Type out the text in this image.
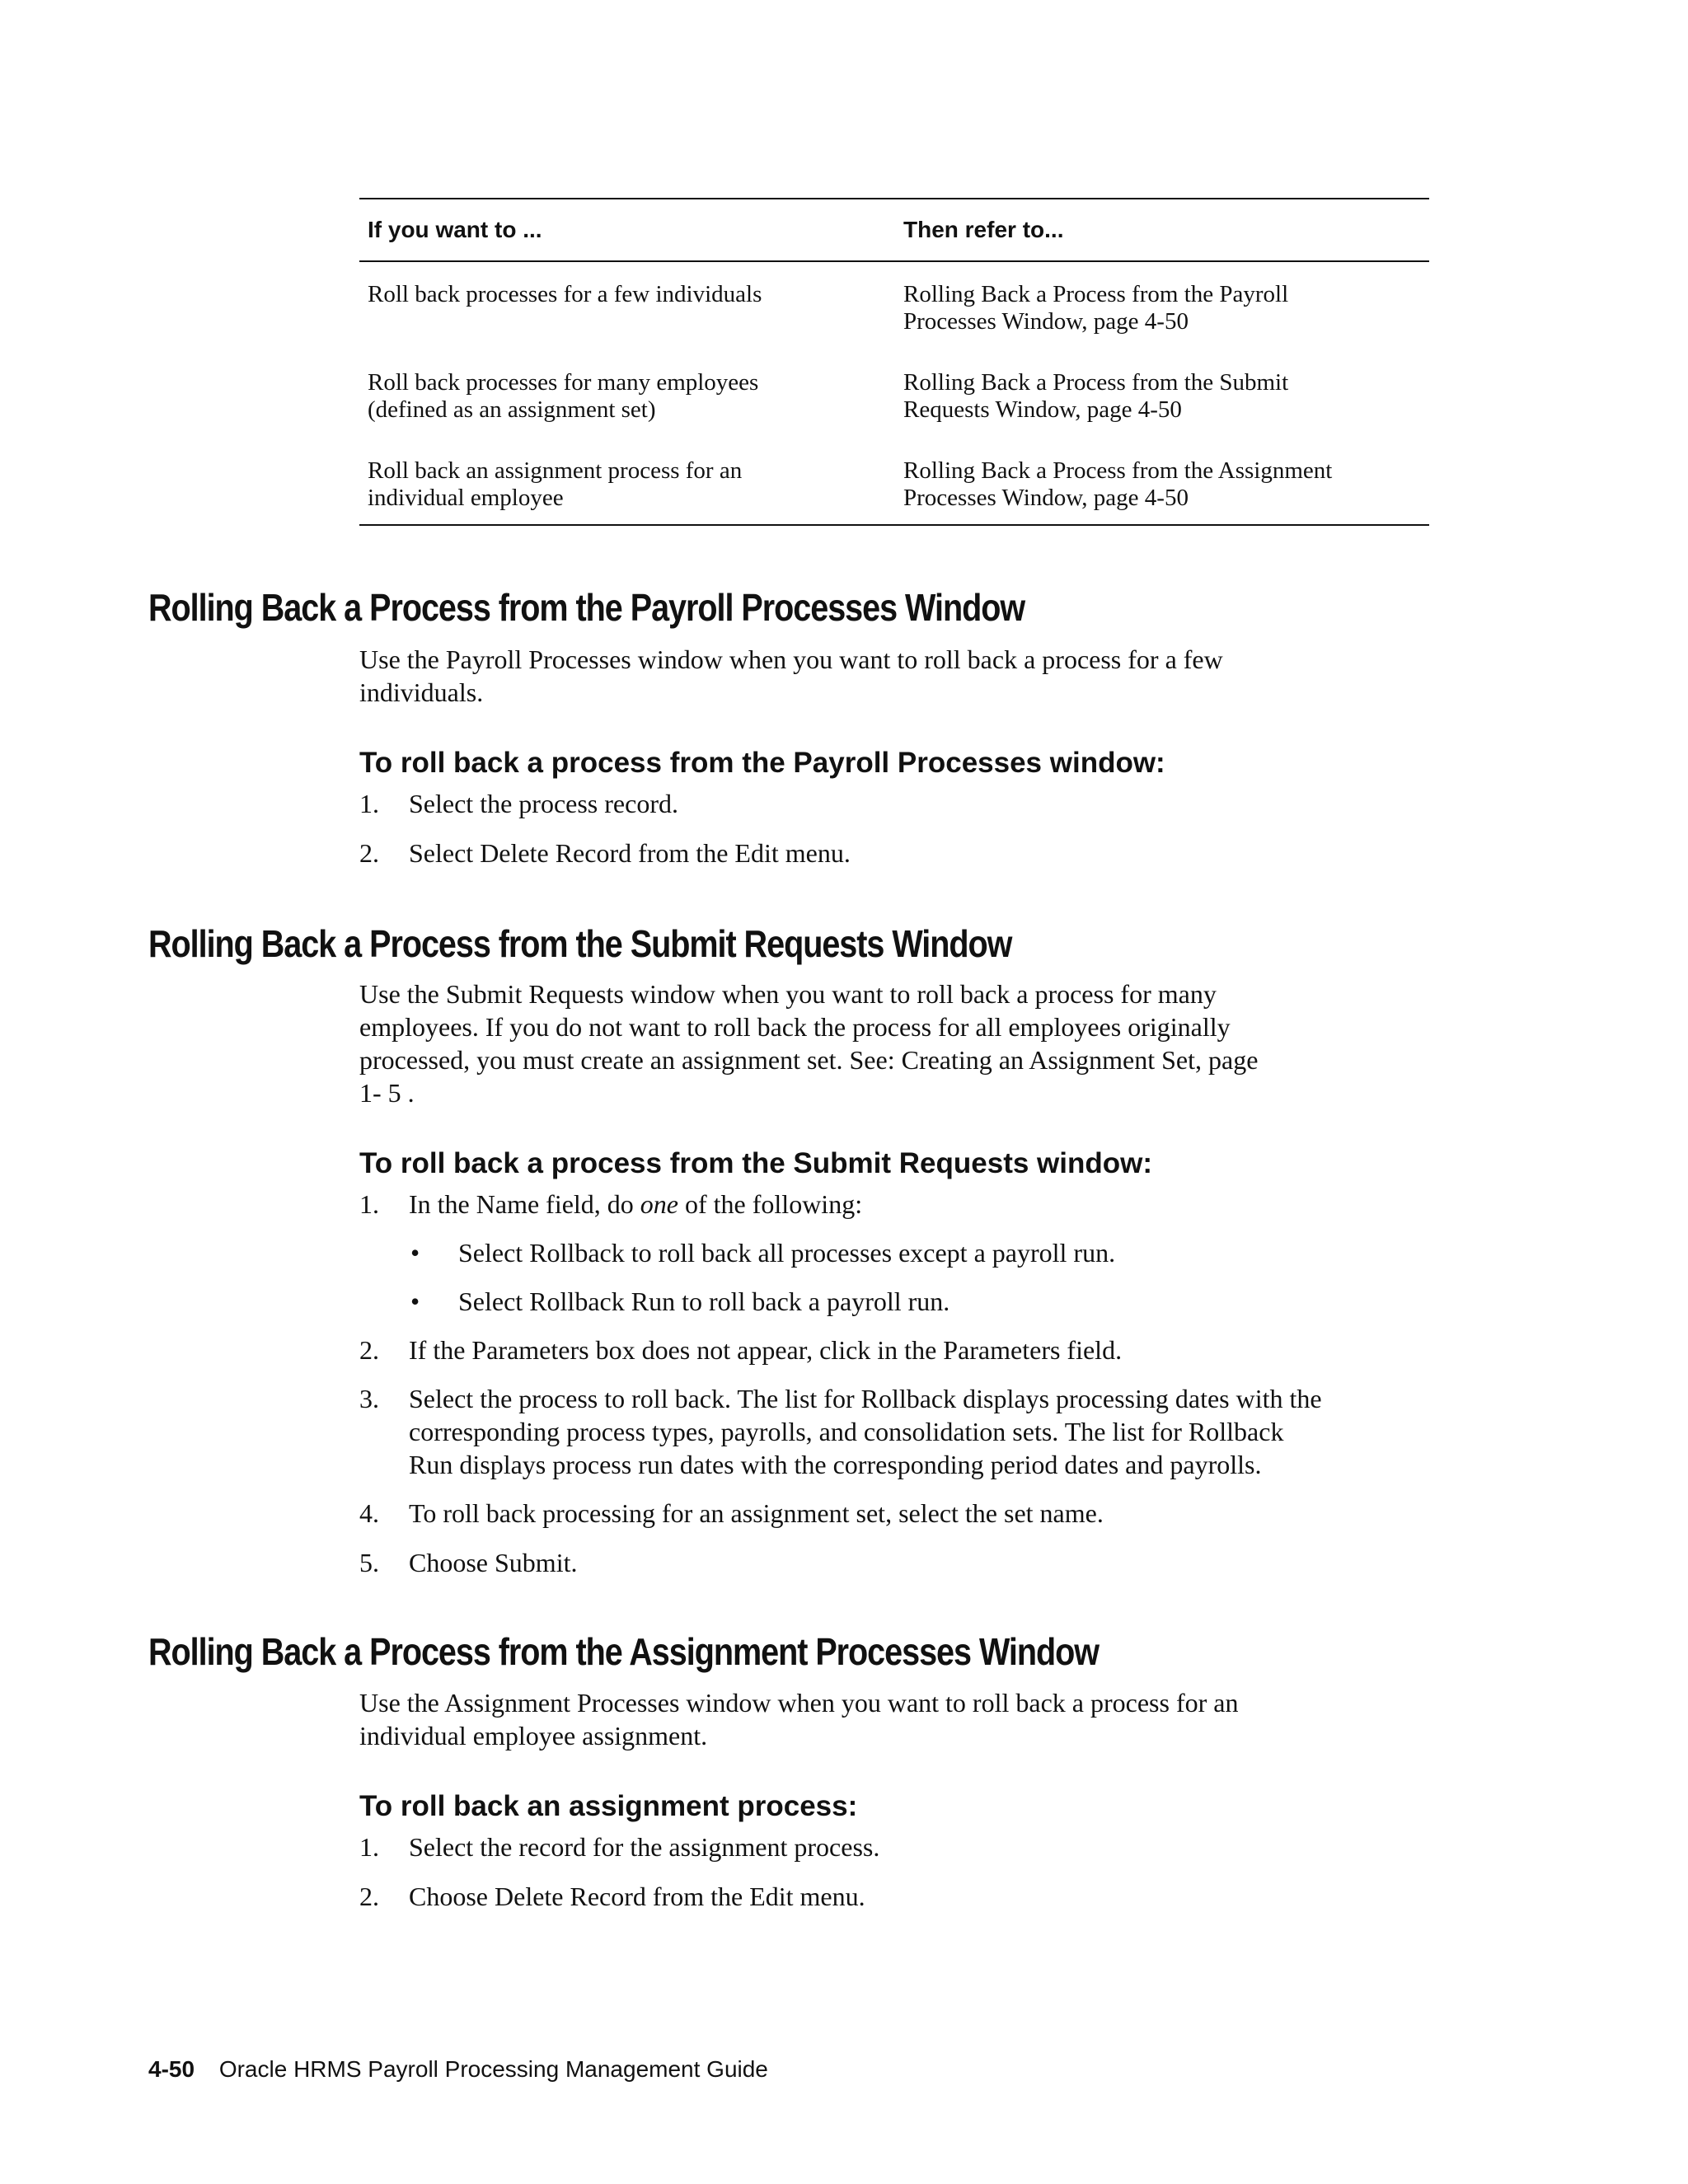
If you want to ...	Then refer to...
Roll back processes for a few individuals	Rolling Back a Process from the Payroll
Processes Window, page 4-50
Roll back processes for many employees
(defined as an assignment set)
Rolling Back a Process from the Submit
Requests Window, page 4-50
Roll back an assignment process for an
individual employee
Rolling Back a Process from the Assignment
Processes Window, page 4-50
Rolling Back a Process from the Payroll Processes Window
Use the Payroll Processes window when you want to roll back a process for a few
individuals.
To roll back a process from the Payroll Processes window:
1. Select the process record.
2. Select Delete Record from the Edit menu.
Rolling Back a Process from the Submit Requests Window
Use the Submit Requests window when you want to roll back a process for many
employees. If you do not want to roll back the process for all employees originally
processed, you must create an assignment set. See: Creating an Assignment Set, page
1- 5 .
To roll back a process from the Submit Requests window:
1. In the Name field, do one of the following:
• Select Rollback to roll back all processes except a payroll run.
• Select Rollback Run to roll back a payroll run.
2. If the Parameters box does not appear, click in the Parameters field.
3. Select the process to roll back. The list for Rollback displays processing dates with the
corresponding process types, payrolls, and consolidation sets. The list for Rollback
Run displays process run dates with the corresponding period dates and payrolls.
4. To roll back processing for an assignment set, select the set name.
5. Choose Submit.
Rolling Back a Process from the Assignment Processes Window
Use the Assignment Processes window when you want to roll back a process for an
individual employee assignment.
To roll back an assignment process:
1. Select the record for the assignment process.
2. Choose Delete Record from the Edit menu.
4-50 Oracle HRMS Payroll Processing Management Guide
